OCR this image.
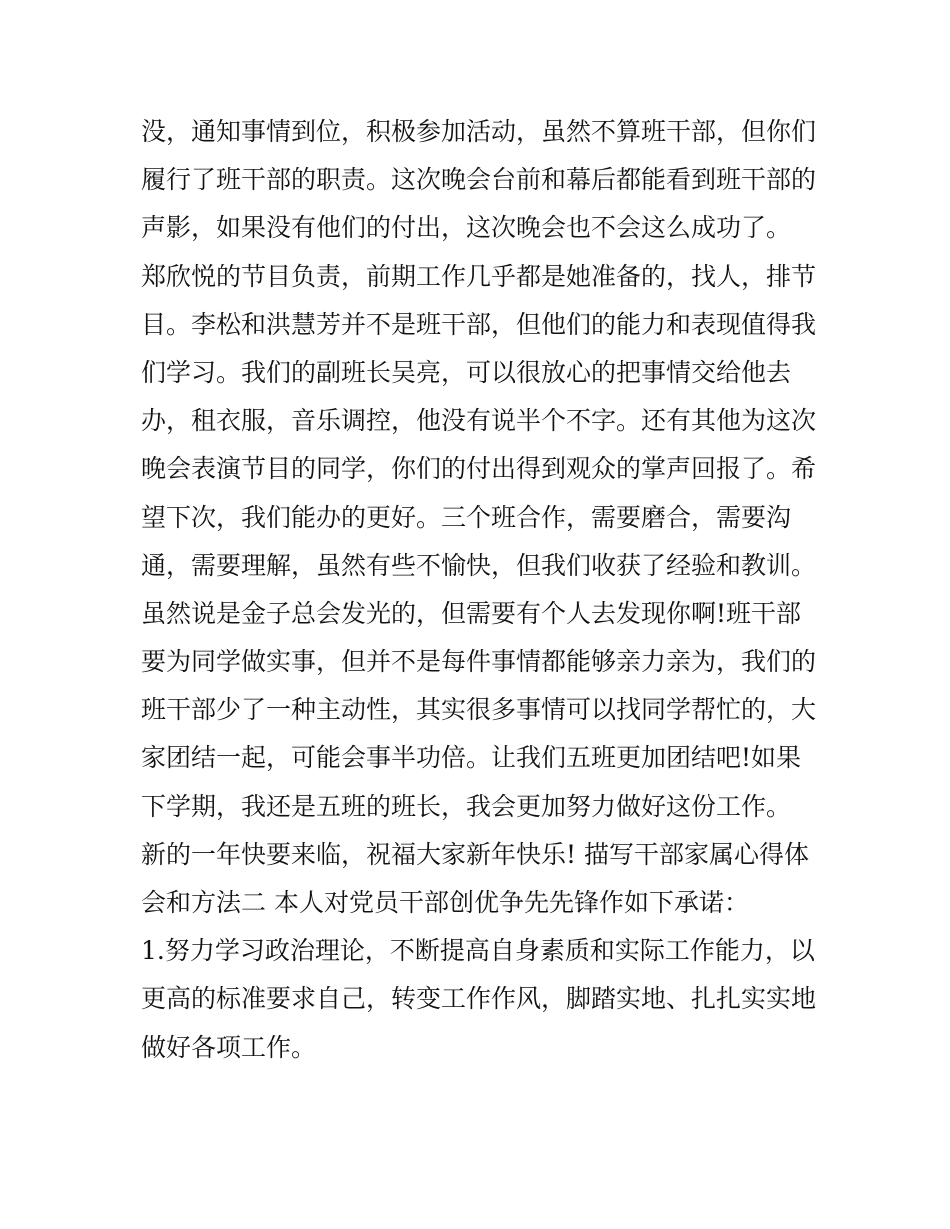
没，通知事情到位，积极参加活动，虽然不算班干部，但你们
履行了班干部的职责。这次晚会台前和幕后都能看到班干部的
声影，如果没有他们的付出，这次晚会也不会这么成功了。
郑欣悦的节目负责，前期工作几乎都是她准备的，找人，排节
目。李松和洪慧芳并不是班干部，但他们的能力和表现值得我
们学习。我们的副班长吴亮，可以很放心的把事情交给他去
办，租衣服，音乐调控，他没有说半个不字。还有其他为这次
晚会表演节目的同学，你们的付出得到观众的掌声回报了。希
望下次，我们能办的更好。三个班合作，需要磨合，需要沟
通，需要理解，虽然有些不愉快，但我们收获了经验和教训。
虽然说是金子总会发光的，但需要有个人去发现你啊!班干部
要为同学做实事，但并不是每件事情都能够亲力亲为，我们的
班干部少了一种主动性，其实很多事情可以找同学帮忙的，大
家团结一起，可能会事半功倍。让我们五班更加团结吧!如果
下学期，我还是五班的班长，我会更加努力做好这份工作。
新的一年快要来临，祝福大家新年快乐! 描写干部家属心得体
会和方法二 本人对党员干部创优争先先锋作如下承诺：
1.努力学习政治理论，不断提高自身素质和实际工作能力，以
更高的标准要求自己，转变工作作风，脚踏实地、扎扎实实地
做好各项工作。
